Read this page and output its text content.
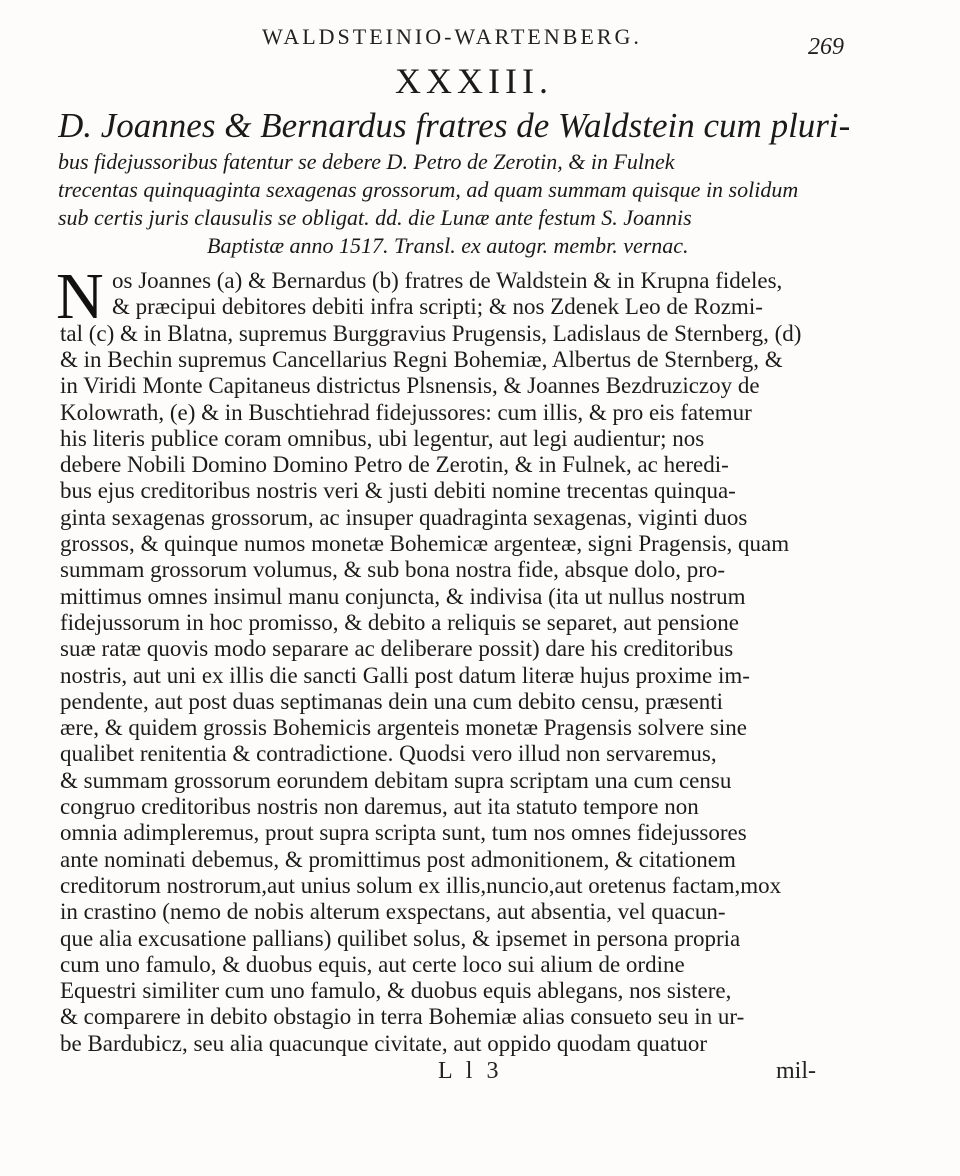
WALDSTEINIO-WARTENBERG.	269
XXXIII.
D. Joannes & Bernardus fratres de Waldstein cum pluri-
bus fidejussoribus fatentur se debere D. Petro de Zerotin, & in Fulnek
trecentas quinquaginta sexagenas grossorum, ad quam summam quisque in solidum
sub certis juris clausulis se obligat. dd. die Lunæ ante festum S. Joannis
Baptistæ anno 1517. Transl. ex autogr. membr. vernac.
N os Joannes (a) & Bernardus (b) fratres de Waldstein & in Krupna fideles,
& præcipui debitores debiti infra scripti; & nos Zdenek Leo de Rozmi-
tal (c) & in Blatna, supremus Burggravius Prugensis, Ladislaus de Sternberg, (d)
& in Bechin supremus Cancellarius Regni Bohemiæ, Albertus de Sternberg, &
in Viridi Monte Capitaneus districtus Plsnensis, & Joannes Bezdruziczoy de
Kolowrath, (e) & in Buschtiehrad fidejussores: cum illis, & pro eis fatemur
his literis publice coram omnibus, ubi legentur, aut legi audientur; nos
debere Nobili Domino Domino Petro de Zerotin, & in Fulnek, ac heredi-
bus ejus creditoribus nostris veri & justi debiti nomine trecentas quinqua-
ginta sexagenas grossorum, ac insuper quadraginta sexagenas, viginti duos
grossos, & quinque numos monetæ Bohemicæ argenteæ, signi Pragensis, quam
summam grossorum volumus, & sub bona nostra fide, absque dolo, pro-
mittimus omnes insimul manu conjuncta, & indivisa (ita ut nullus nostrum
fidejussorum in hoc promisso, & debito a reliquis se separet, aut pensione
suæ ratæ quovis modo separare ac deliberare possit) dare his creditoribus
nostris, aut uni ex illis die sancti Galli post datum literæ hujus proxime im-
pendente, aut post duas septimanas dein una cum debito censu, præsenti
ære, & quidem grossis Bohemicis argenteis monetæ Pragensis solvere sine
qualibet renitentia & contradictione. Quodsi vero illud non servaremus,
& summam grossorum eorundem debitam supra scriptam una cum censu
congruo creditoribus nostris non daremus, aut ita statuto tempore non
omnia adimpleremus, prout supra scripta sunt, tum nos omnes fidejussores
ante nominati debemus, & promittimus post admonitionem, & citationem
creditorum nostrorum,aut unius solum ex illis,nuncio,aut oretenus factam,mox
in crastino (nemo de nobis alterum exspectans, aut absentia, vel quacun-
que alia excusatione pallians) quilibet solus, & ipsemet in persona propria
cum uno famulo, & duobus equis, aut certe loco sui alium de ordine
Equestri similiter cum uno famulo, & duobus equis ablegans, nos sistere,
& comparere in debito obstagio in terra Bohemiæ alias consueto seu in ur-
be Bardubicz, seu alia quacunque civitate, aut oppido quodam quatuor
L l 3	mil-
